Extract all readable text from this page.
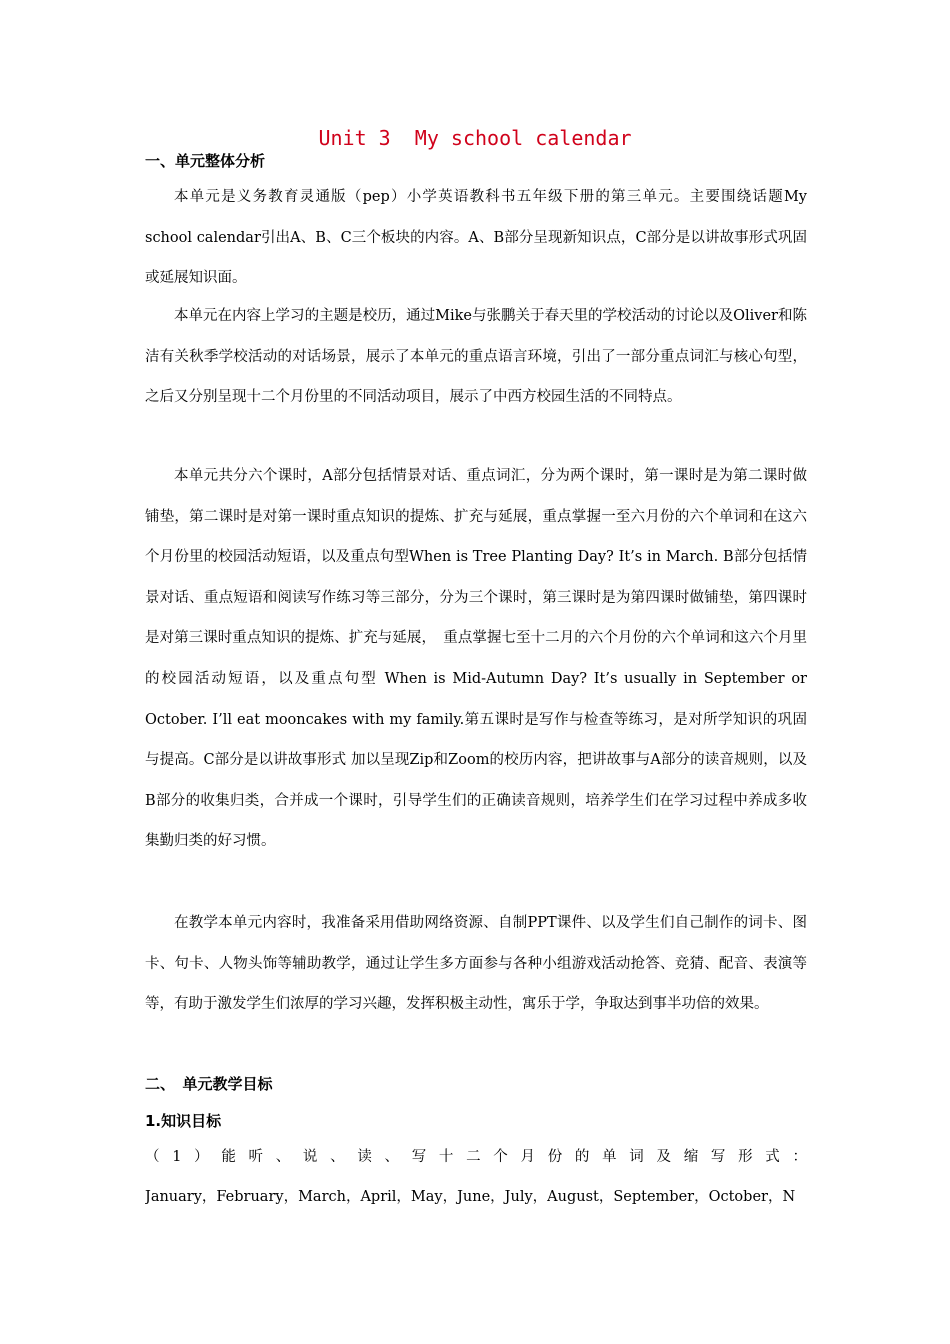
Unit 3  My school calendar
一、单元整体分析
本单元是义务教育灵通版（pep）小学英语教科书五年级下册的第三单元。主要围绕话题My school calendar引出A、B、C三个板块的内容。A、B部分呈现新知识点，C部分是以讲故事形式巩固或延展知识面。
本单元在内容上学习的主题是校历，通过Mike与张鹏关于春天里的学校活动的讨论以及Oliver和陈洁有关秋季学校活动的对话场景，展示了本单元的重点语言环境，引出了一部分重点词汇与核心句型，之后又分别呈现十二个月份里的不同活动项目，展示了中西方校园生活的不同特点。
本单元共分六个课时，A部分包括情景对话、重点词汇，分为两个课时，第一课时是为第二课时做铺垫，第二课时是对第一课时重点知识的提炼、扩充与延展，重点掌握一至六月份的六个单词和在这六个月份里的校园活动短语，以及重点句型When is Tree Planting Day? It’s in March. B部分包括情景对话、重点短语和阅读写作练习等三部分，分为三个课时，第三课时是为第四课时做铺垫，第四课时是对第三课时重点知识的提炼、扩充与延展，　重点掌握七至十二月的六个月份的六个单词和这六个月里的校园活动短语，以及重点句型 When is Mid-Autumn Day? It’s usually in September or October. I’ll eat mooncakes with my family.第五课时是写作与检查等练习，是对所学知识的巩固与提高。C部分是以讲故事形式 加以呈现Zip和Zoom的校历内容，把讲故事与A部分的读音规则，以及B部分的收集归类，合并成一个课时，引导学生们的正确读音规则，培养学生们在学习过程中养成多收集勤归类的好习惯。
在教学本单元内容时，我准备采用借助网络资源、自制PPT课件、以及学生们自己制作的词卡、图卡、句卡、人物头饰等辅助教学，通过让学生多方面参与各种小组游戏活动抢答、竞猜、配音、表演等等，有助于激发学生们浓厚的学习兴趣，发挥积极主动性，寓乐于学，争取达到事半功倍的效果。
二、　单元教学目标
1.知识目标
（1）能听、说、读、写十二个月份的单词及缩写形式：
January，February，March，April，May，June，July，August，September，October，N
